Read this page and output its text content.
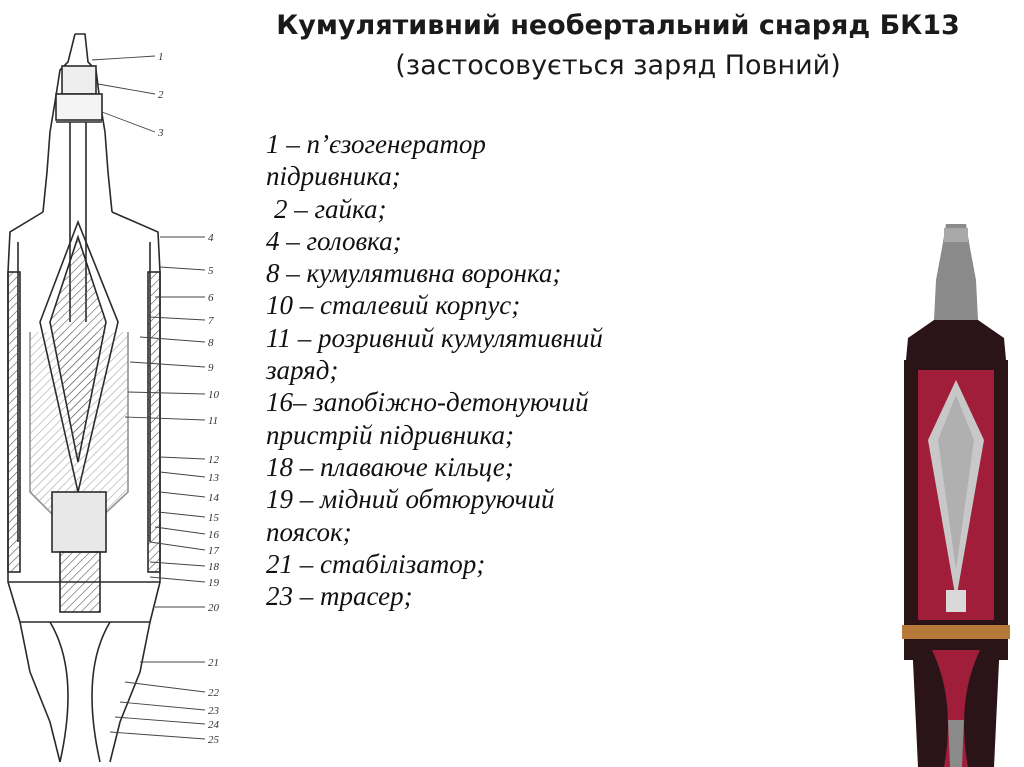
1
2
3
4
5
6
7
8
9
10
11
12
13
14
15
16
17
18
19
20
21
22
23
24
25
Кумулятивний необертальний снаряд БК13
(застосовується заряд Повний)
1 – п’єзогенератор
підривника;
2 – гайка;
4 – головка;
8 – кумулятивна воронка;
10 – сталевий корпус;
11 – розривний кумулятивний
заряд;
16– запобіжно-детонуючий
пристрій підривника;
18 – плаваюче кільце;
19 – мідний обтюруючий
поясок;
21 – стабілізатор;
23 – трасер;
